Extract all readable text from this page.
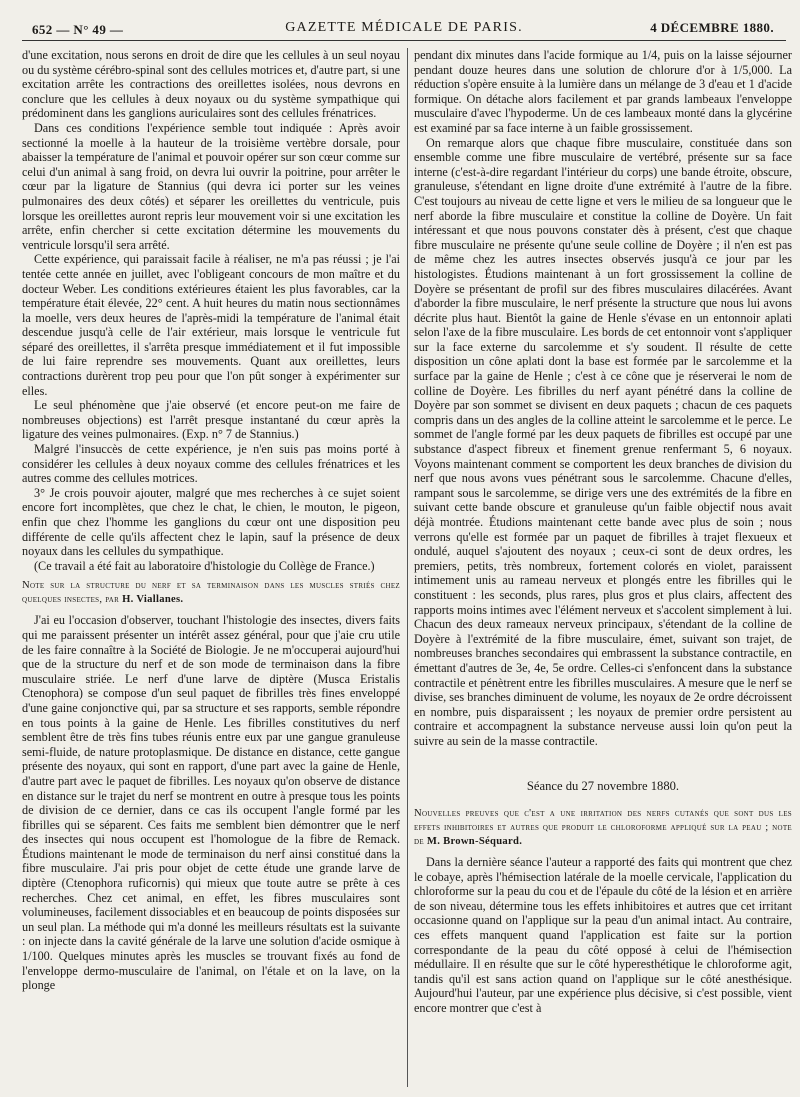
652 — N° 49 —	GAZETTE MÉDICALE DE PARIS.	4 DÉCEMBRE 1880.

d'une excitation, nous serons en droit de dire que les cellules à un seul noyau ou du système cérébro-spinal sont des cellules motrices et, d'autre part, si une excitation arrête les contractions des oreillettes isolées, nous devrons en conclure que les cellules à deux noyaux ou du système sympathique qui prédominent dans les ganglions auriculaires sont des cellules frénatrices.

Dans ces conditions l'expérience semble tout indiquée : Après avoir sectionné la moelle à la hauteur de la troisième vertèbre dorsale, pour abaisser la température de l'animal et pouvoir opérer sur son cœur comme sur celui d'un animal à sang froid, on devra lui ouvrir la poitrine, pour arrêter le cœur par la ligature de Stannius (qui devra ici porter sur les veines pulmonaires des deux côtés) et séparer les oreillettes du ventricule, puis lorsque les oreillettes auront repris leur mouvement voir si une excitation les arrête, enfin chercher si cette excitation détermine les mouvements du ventricule lorsqu'il sera arrêté.

Cette expérience, qui paraissait facile à réaliser, ne m'a pas réussi ; je l'ai tentée cette année en juillet, avec l'obligeant concours de mon maître et du docteur Weber. Les conditions extérieures étaient les plus favorables, car la température était élevée, 22° cent. A huit heures du matin nous sectionnâmes la moelle, vers deux heures de l'après-midi la température de l'animal était descendue jusqu'à celle de l'air extérieur, mais lorsque le ventricule fut séparé des oreillettes, il s'arrêta presque immédiatement et il fut impossible de lui faire reprendre ses mouvements. Quant aux oreillettes, leurs contractions durèrent trop peu pour que l'on pût songer à expérimenter sur elles.

Le seul phénomène que j'aie observé (et encore peut-on me faire de nombreuses objections) est l'arrêt presque instantané du cœur après la ligature des veines pulmonaires. (Exp. n° 7 de Stannius.)

Malgré l'insuccès de cette expérience, je n'en suis pas moins porté à considérer les cellules à deux noyaux comme des cellules frénatrices et les autres comme des cellules motrices.

3° Je crois pouvoir ajouter, malgré que mes recherches à ce sujet soient encore fort incomplètes, que chez le chat, le chien, le mouton, le pigeon, enfin que chez l'homme les ganglions du cœur ont une disposition peu différente de celle qu'ils affectent chez le lapin, sauf la présence de deux noyaux dans les cellules du sympathique.

(Ce travail a été fait au laboratoire d'histologie du Collège de France.)

Note sur la structure du nerf et sa terminaison dans les muscles striés chez quelques insectes, par H. Viallanes.

J'ai eu l'occasion d'observer, touchant l'histologie des insectes, divers faits qui me paraissent présenter un intérêt assez général, pour que j'aie cru utile de les faire connaître à la Société de Biologie. Je ne m'occuperai aujourd'hui que de la structure du nerf et de son mode de terminaison dans la fibre musculaire striée. Le nerf d'une larve de diptère (Musca Eristalis Ctenophora) se compose d'un seul paquet de fibrilles très fines enveloppé d'une gaine conjonctive qui, par sa structure et ses rapports, semble répondre en tous points à la gaine de Henle. Les fibrilles constitutives du nerf semblent être de très fins tubes réunis entre eux par une gangue granuleuse semi-fluide, de nature protoplasmique. De distance en distance, cette gangue présente des noyaux, qui sont en rapport, d'une part avec la gaine de Henle, d'autre part avec le paquet de fibrilles. Les noyaux qu'on observe de distance en distance sur le trajet du nerf se montrent en outre à presque tous les points de division de ce dernier, dans ce cas ils occupent l'angle formé par les fibrilles qui se séparent. Ces faits me semblent bien démontrer que le nerf des insectes qui nous occupent est l'homologue de la fibre de Remack. Étudions maintenant le mode de terminaison du nerf ainsi constitué dans la fibre musculaire. J'ai pris pour objet de cette étude une grande larve de diptère (Ctenophora ruficornis) qui mieux que toute autre se prête à ces recherches. Chez cet animal, en effet, les fibres musculaires sont volumineuses, facilement dissociables et en beaucoup de points disposées sur un seul plan. La méthode qui m'a donné les meilleurs résultats est la suivante : on injecte dans la cavité générale de la larve une solution d'acide osmique à 1/100. Quelques minutes après les muscles se trouvant fixés au fond de l'enveloppe dermo-musculaire de l'animal, on l'étale et on la lave, on la plonge

pendant dix minutes dans l'acide formique au 1/4, puis on la laisse séjourner pendant douze heures dans une solution de chlorure d'or à 1/5,000. La réduction s'opère ensuite à la lumière dans un mélange de 3 d'eau et 1 d'acide formique. On détache alors facilement et par grands lambeaux l'enveloppe musculaire d'avec l'hypoderme. Un de ces lambeaux monté dans la glycérine est examiné par sa face interne à un faible grossissement.

On remarque alors que chaque fibre musculaire, constituée dans son ensemble comme une fibre musculaire de vertébré, présente sur sa face interne (c'est-à-dire regardant l'intérieur du corps) une bande étroite, obscure, granuleuse, s'étendant en ligne droite d'une extrémité à l'autre de la fibre. C'est toujours au niveau de cette ligne et vers le milieu de sa longueur que le nerf aborde la fibre musculaire et constitue la colline de Doyère. Un fait intéressant et que nous pouvons constater dès à présent, c'est que chaque fibre musculaire ne présente qu'une seule colline de Doyère ; il n'en est pas de même chez les autres insectes observés jusqu'à ce jour par les histologistes. Étudions maintenant à un fort grossissement la colline de Doyère se présentant de profil sur des fibres musculaires dilacérées. Avant d'aborder la fibre musculaire, le nerf présente la structure que nous lui avons décrite plus haut. Bientôt la gaine de Henle s'évase en un entonnoir aplati selon l'axe de la fibre musculaire. Les bords de cet entonnoir vont s'appliquer sur la face externe du sarcolemme et s'y soudent. Il résulte de cette disposition un cône aplati dont la base est formée par le sarcolemme et la surface par la gaine de Henle ; c'est à ce cône que je réserverai le nom de colline de Doyère. Les fibrilles du nerf ayant pénétré dans la colline de Doyère par son sommet se divisent en deux paquets ; chacun de ces paquets compris dans un des angles de la colline atteint le sarcolemme et le perce. Le sommet de l'angle formé par les deux paquets de fibrilles est occupé par une substance d'aspect fibreux et finement grenue renfermant 5, 6 noyaux. Voyons maintenant comment se comportent les deux branches de division du nerf que nous avons vues pénétrant sous le sarcolemme. Chacune d'elles, rampant sous le sarcolemme, se dirige vers une des extrémités de la fibre en suivant cette bande obscure et granuleuse qu'un faible objectif nous avait déjà montrée. Étudions maintenant cette bande avec plus de soin ; nous verrons qu'elle est formée par un paquet de fibrilles à trajet flexueux et ondulé, auquel s'ajoutent des noyaux ; ceux-ci sont de deux ordres, les premiers, petits, très nombreux, fortement colorés en violet, paraissent intimement unis au rameau nerveux et plongés entre les fibrilles qui le constituent : les seconds, plus rares, plus gros et plus clairs, affectent des rapports moins intimes avec l'élément nerveux et s'accolent simplement à lui. Chacun des deux rameaux nerveux principaux, s'étendant de la colline de Doyère à l'extrémité de la fibre musculaire, émet, suivant son trajet, de nombreuses branches secondaires qui embrassent la substance contractile, en émettant d'autres de 3e, 4e, 5e ordre. Celles-ci s'enfoncent dans la substance contractile et pénètrent entre les fibrilles musculaires. A mesure que le nerf se divise, ses branches diminuent de volume, les noyaux de 2e ordre décroissent en nombre, puis disparaissent ; les noyaux de premier ordre persistent au contraire et accompagnent la substance nerveuse aussi loin qu'on peut la suivre au sein de la masse contractile.

Séance du 27 novembre 1880.

Nouvelles preuves que c'est a une irritation des nerfs cutanés que sont dus les effets inhibitoires et autres que produit le chloroforme appliqué sur la peau ; note de M. Brown-Séquard.

Dans la dernière séance l'auteur a rapporté des faits qui montrent que chez le cobaye, après l'hémisection latérale de la moelle cervicale, l'application du chloroforme sur la peau du cou et de l'épaule du côté de la lésion et en arrière de son niveau, détermine tous les effets inhibitoires et autres que cet irritant occasionne quand on l'applique sur la peau d'un animal intact. Au contraire, ces effets manquent quand l'application est faite sur la portion correspondante de la peau du côté opposé à celui de l'hémisection médullaire. Il en résulte que sur le côté hyperesthétique le chloroforme agit, tandis qu'il est sans action quand on l'applique sur le côté anesthésique. Aujourd'hui l'auteur, par une expérience plus décisive, si c'est possible, vient encore montrer que c'est à
